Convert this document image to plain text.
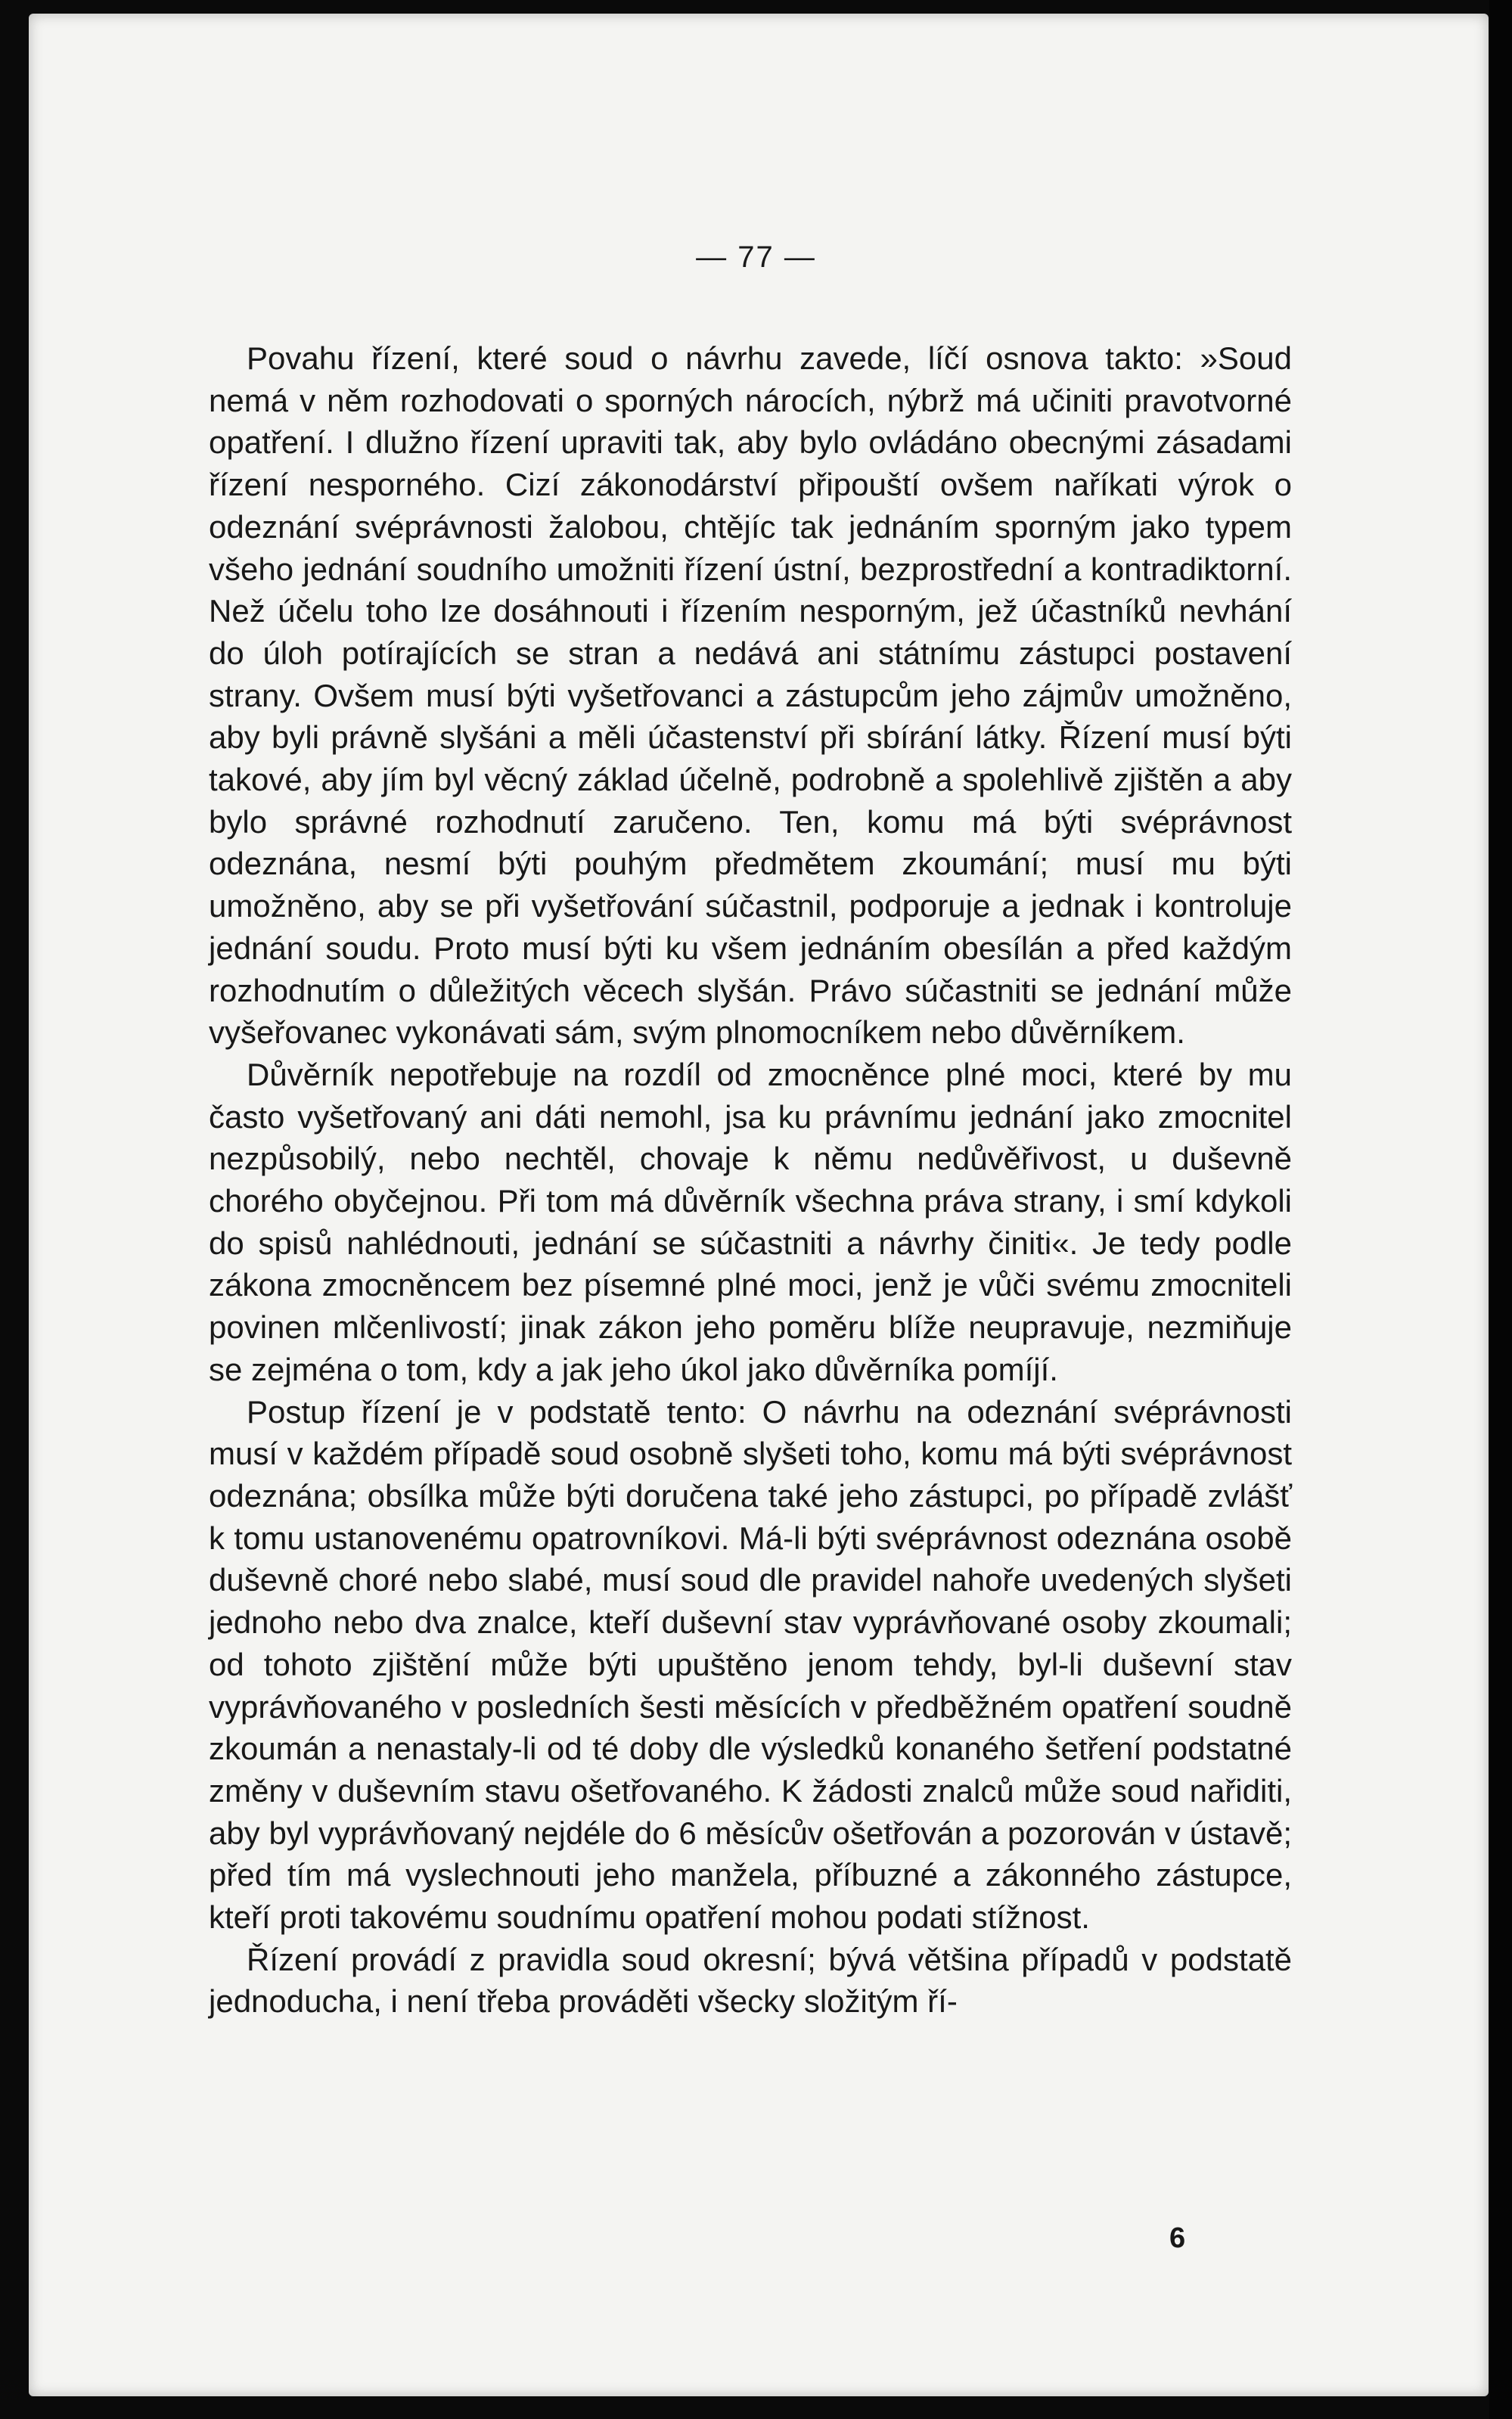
— 77 —

Povahu řízení, které soud o návrhu zavede, líčí osnova takto: »Soud nemá v něm rozhodovati o sporných nárocích, nýbrž má učiniti pravotvorné opatření. I dlužno řízení upraviti tak, aby bylo ovládáno obecnými zásadami řízení nesporného. Cizí zákonodárství připouští ovšem naříkati výrok o odeznání svéprávnosti žalobou, chtějíc tak jednáním sporným jako typem všeho jednání soudního umožniti řízení ústní, bezprostřední a kontradiktorní. Než účelu toho lze dosáhnouti i řízením nesporným, jež účastníků nevhání do úloh potírajících se stran a nedává ani státnímu zástupci postavení strany. Ovšem musí býti vyšetřovanci a zástupcům jeho zájmův umožněno, aby byli právně slyšáni a měli účastenství při sbírání látky. Řízení musí býti takové, aby jím byl věcný základ účelně, podrobně a spolehlivě zjištěn a aby bylo správné rozhodnutí zaručeno. Ten, komu má býti svéprávnost odeznána, nesmí býti pouhým předmětem zkoumání; musí mu býti umožněno, aby se při vyšetřování súčastnil, podporuje a jednak i kontroluje jednání soudu. Proto musí býti ku všem jednáním obesílán a před každým rozhodnutím o důležitých věcech slyšán. Právo súčastniti se jednání může vyšeřovanec vykonávati sám, svým plnomocníkem nebo důvěrníkem.

Důvěrník nepotřebuje na rozdíl od zmocněnce plné moci, které by mu často vyšetřovaný ani dáti nemohl, jsa ku právnímu jednání jako zmocnitel nezpůsobilý, nebo nechtěl, chovaje k němu nedůvěřivost, u duševně chorého obyčejnou. Při tom má důvěrník všechna práva strany, i smí kdykoli do spisů nahlédnouti, jednání se súčastniti a návrhy činiti«. Je tedy podle zákona zmocněncem bez písemné plné moci, jenž je vůči svému zmocniteli povinen mlčenlivostí; jinak zákon jeho poměru blíže neupravuje, nezmiňuje se zejména o tom, kdy a jak jeho úkol jako důvěrníka pomíjí.

Postup řízení je v podstatě tento: O návrhu na odeznání svéprávnosti musí v každém případě soud osobně slyšeti toho, komu má býti svéprávnost odeznána; obsílka může býti doručena také jeho zástupci, po případě zvlášť k tomu ustanovenému opatrovníkovi. Má-li býti svéprávnost odeznána osobě duševně choré nebo slabé, musí soud dle pravidel nahoře uvedených slyšeti jednoho nebo dva znalce, kteří duševní stav vyprávňované osoby zkoumali; od tohoto zjištění může býti upuštěno jenom tehdy, byl-li duševní stav vyprávňovaného v posledních šesti měsících v předběžném opatření soudně zkoumán a nenastaly-li od té doby dle výsledků konaného šetření podstatné změny v duševním stavu ošetřovaného. K žádosti znalců může soud nařiditi, aby byl vyprávňovaný nejdéle do 6 měsícův ošetřován a pozorován v ústavě; před tím má vyslechnouti jeho manžela, příbuzné a zákonného zástupce, kteří proti takovému soudnímu opatření mohou podati stížnost.

Řízení provádí z pravidla soud okresní; bývá většina případů v podstatě jednoducha, i není třeba prováděti všecky složitým ří-

6
